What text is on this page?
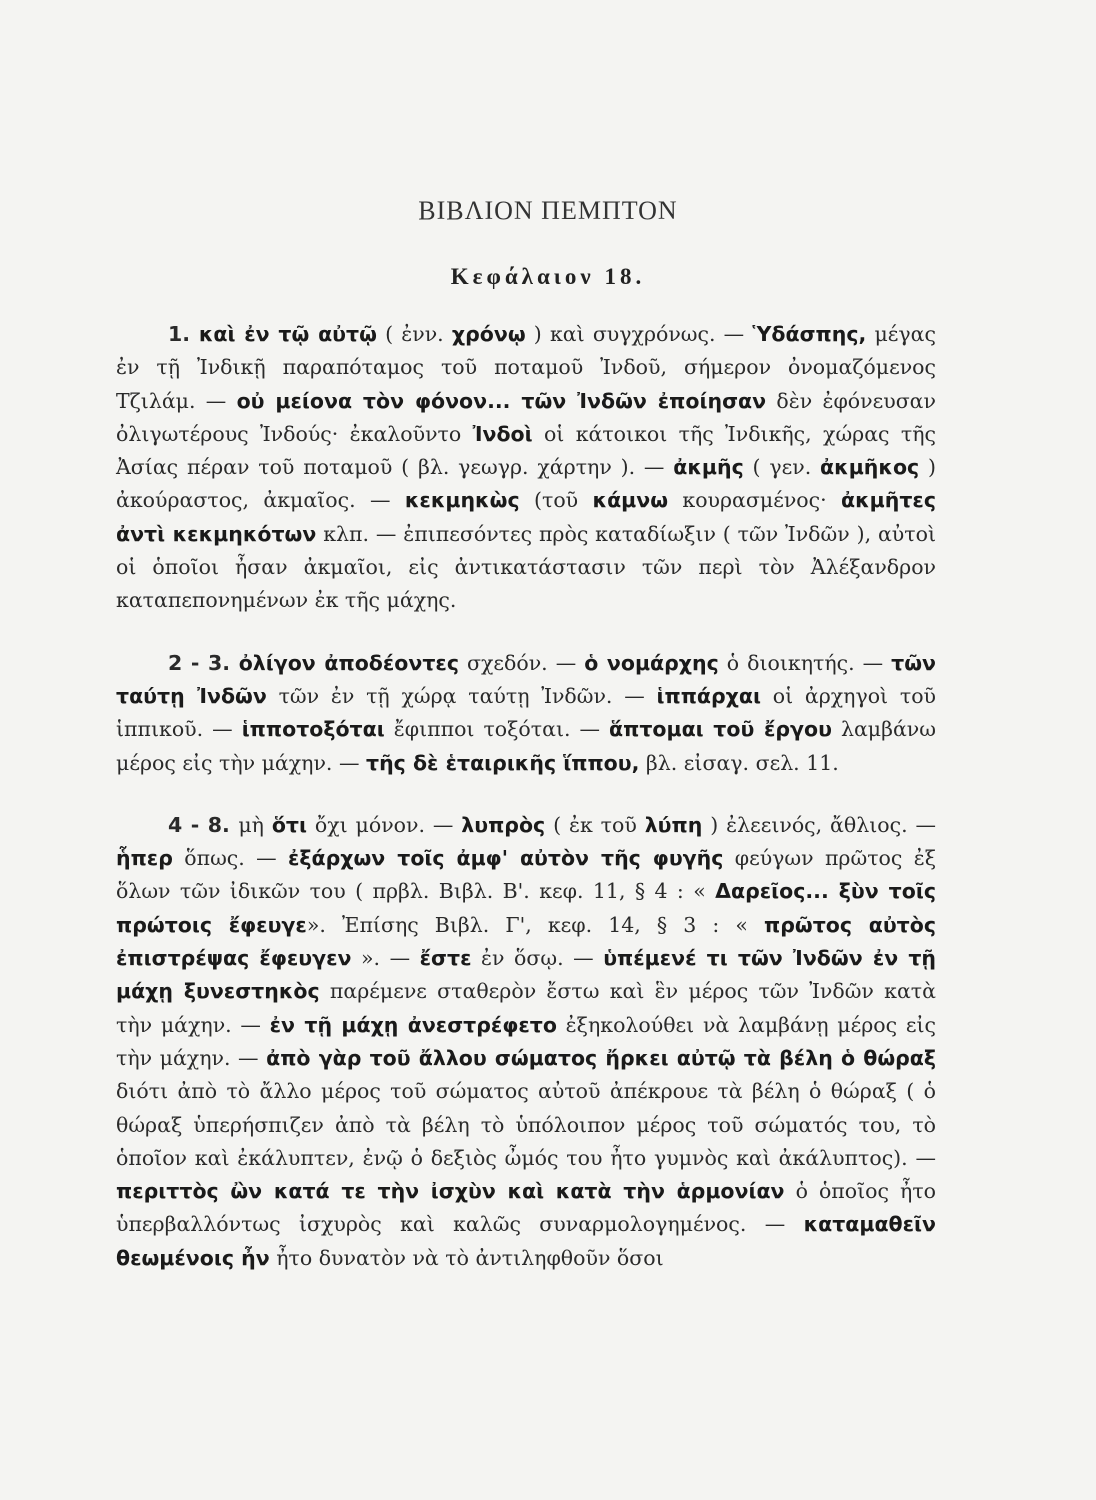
ΒΙΒΛΙΟΝ ΠΕΜΠΤΟΝ
Κεφάλαιον 18.

1. καὶ ἐν τῷ αὐτῷ ( ἐνν. χρόνῳ ) καὶ συγχρόνως. — Ὑδάσπης, μέγας ἐν τῇ Ἰνδικῇ παραπόταμος τοῦ ποταμοῦ Ἰνδοῦ, σήμερον ὀνομαζόμενος Τζιλάμ. — οὐ μείονα τὸν φόνον... τῶν Ἰνδῶν ἐποίησαν δὲν ἐφόνευσαν ὀλιγωτέρους Ἰνδούς· ἐκαλοῦντο Ἰνδοὶ οἱ κάτοικοι τῆς Ἰνδικῆς, χώρας τῆς Ἀσίας πέραν τοῦ ποταμοῦ ( βλ. γεωγρ. χάρτην ). — ἀκμῆς ( γεν. ἀκμῆκος ) ἀκούραστος, ἀκμαῖος. — κεκμηκὼς (τοῦ κάμνω κουρασμένος· ἀκμῆτες ἀντὶ κεκμηκότων κλπ. — ἐπιπεσόντες πρὸς καταδίωξιν ( τῶν Ἰνδῶν ), αὐτοὶ οἱ ὁποῖοι ἦσαν ἀκμαῖοι, εἰς ἀντικατάστασιν τῶν περὶ τὸν Ἀλέξανδρον καταπεπονημένων ἐκ τῆς μάχης.

2 - 3. ὀλίγον ἀποδέοντες σχεδόν. — ὁ νομάρχης ὁ διοικητής. — τῶν ταύτῃ Ἰνδῶν τῶν ἐν τῇ χώρᾳ ταύτῃ Ἰνδῶν. — ἱππάρχαι οἱ ἀρχηγοὶ τοῦ ἱππικοῦ. — ἱπποτοξόται ἔφιπποι τοξόται. — ἅπτομαι τοῦ ἔργου λαμβάνω μέρος εἰς τὴν μάχην. — τῆς δὲ ἑταιρικῆς ἵππου, βλ. εἰσαγ. σελ. 11.

4 - 8. μὴ ὅτι ὄχι μόνον. — λυπρὸς ( ἐκ τοῦ λύπη ) ἐλεεινός, ἄθλιος. — ἧπερ ὅπως. — ἐξάρχων τοῖς ἀμφ' αὐτὸν τῆς φυγῆς φεύγων πρῶτος ἐξ ὅλων τῶν ἰδικῶν του ( πρβλ. Βιβλ. Β'. κεφ. 11, § 4 : « Δαρεῖος... ξὺν τοῖς πρώτοις ἔφευγε». Ἐπίσης Βιβλ. Γ', κεφ. 14, § 3 : « πρῶτος αὐτὸς ἐπιστρέψας ἔφευγεν ». — ἔστε ἐν ὅσῳ. — ὑπέμενέ τι τῶν Ἰνδῶν ἐν τῇ μάχῃ ξυνεστηκὸς παρέμενε σταθερὸν ἔστω καὶ ἓν μέρος τῶν Ἰνδῶν κατὰ τὴν μάχην. — ἐν τῇ μάχῃ ἀνεστρέφετο ἐξηκολούθει νὰ λαμβάνῃ μέρος εἰς τὴν μάχην. — ἀπὸ γὰρ τοῦ ἄλλου σώματος ἤρκει αὐτῷ τὰ βέλη ὁ θώραξ διότι ἀπὸ τὸ ἄλλο μέρος τοῦ σώματος αὐτοῦ ἀπέκρουε τὰ βέλη ὁ θώραξ ( ὁ θώραξ ὑπερήσπιζεν ἀπὸ τὰ βέλη τὸ ὑπόλοιπον μέρος τοῦ σώματός του, τὸ ὁποῖον καὶ ἐκάλυπτεν, ἐνῷ ὁ δεξιὸς ὦμός του ἦτο γυμνὸς καὶ ἀκάλυπτος). — περιττὸς ὢν κατά τε τὴν ἰσχὺν καὶ κατὰ τὴν ἁρμονίαν ὁ ὁποῖος ἦτο ὑπερβαλλόντως ἰσχυρὸς καὶ καλῶς συναρμολογημένος. — καταμαθεῖν θεωμένοις ἦν ἦτο δυνατὸν νὰ τὸ ἀντιληφθοῦν ὅσοι
